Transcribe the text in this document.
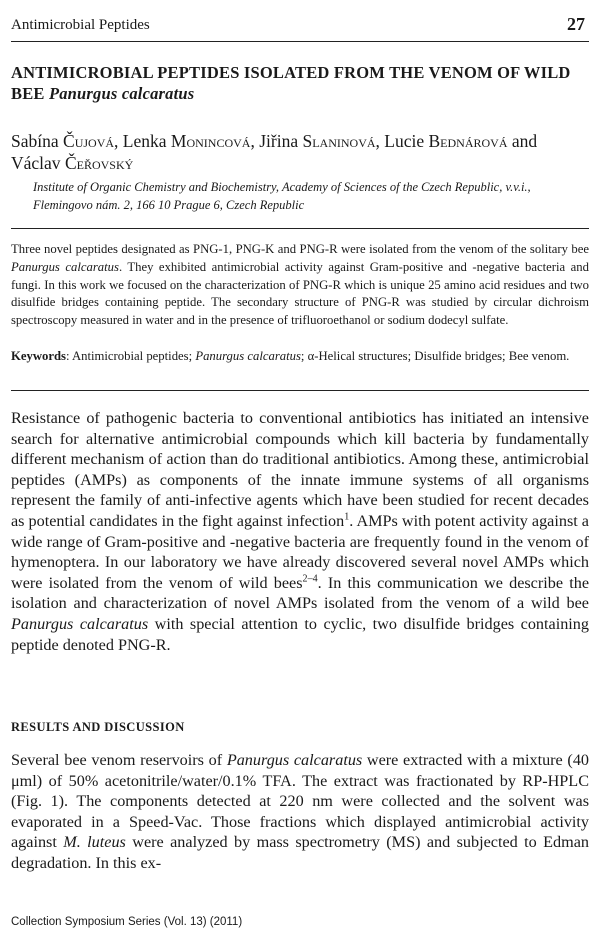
Antimicrobial Peptides	27
ANTIMICROBIAL PEPTIDES ISOLATED FROM THE VENOM OF WILD BEE Panurgus calcaratus
Sabína Čujová, Lenka Monincová, Jiřina Slaninová, Lucie Bednárová and Václav Čeřovský
Institute of Organic Chemistry and Biochemistry, Academy of Sciences of the Czech Republic, v.v.i., Flemingovo nám. 2, 166 10 Prague 6, Czech Republic

Three novel peptides designated as PNG-1, PNG-K and PNG-R were isolated from the venom of the solitary bee Panurgus calcaratus. They exhibited antimicrobial activity against Gram-positive and -negative bacteria and fungi. In this work we focused on the characterization of PNG-R which is unique 25 amino acid residues and two disulfide bridges containing peptide. The secondary structure of PNG-R was studied by circular dichroism spectroscopy measured in water and in the presence of trifluoroethanol or sodium dodecyl sulfate.

Keywords: Antimicrobial peptides; Panurgus calcaratus; α-Helical structures; Disulfide bridges; Bee venom.

Resistance of pathogenic bacteria to conventional antibiotics has initiated an intensive search for alternative antimicrobial compounds which kill bacteria by fundamentally different mechanism of action than do traditional antibiotics. Among these, antimicrobial peptides (AMPs) as components of the innate immune systems of all organisms represent the family of anti-infective agents which have been studied for recent decades as potential candidates in the fight against infection$^1$. AMPs with potent activity against a wide range of Gram-positive and -negative bacteria are frequently found in the venom of hymenoptera. In our laboratory we have already discovered several novel AMPs which were isolated from the venom of wild bees$^{2-4}$. In this communication we describe the isolation and characterization of novel AMPs isolated from the venom of a wild bee Panurgus calcaratus with special attention to cyclic, two disulfide bridges containing peptide denoted PNG-R.

RESULTS AND DISCUSSION

Several bee venom reservoirs of Panurgus calcaratus were extracted with a mixture (40 μml) of 50% acetonitrile/water/0.1% TFA. The extract was fractionated by RP-HPLC (Fig. 1). The components detected at 220 nm were collected and the solvent was evaporated in a Speed-Vac. Those fractions which displayed antimicrobial activity against M. luteus were analyzed by mass spectrometry (MS) and subjected to Edman degradation. In this ex-

Collection Symposium Series (Vol. 13) (2011)
